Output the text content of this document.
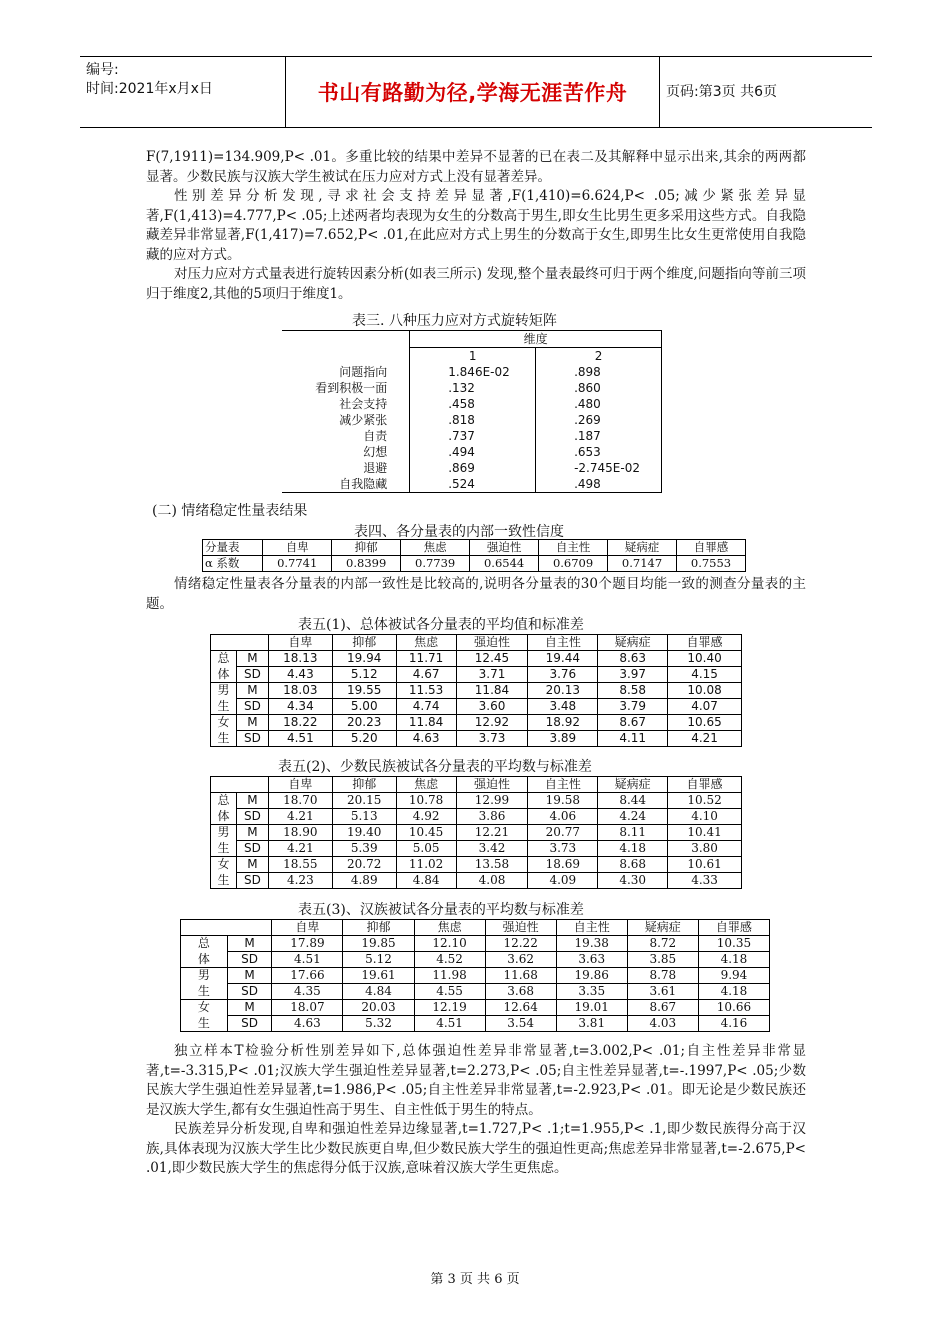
编号:
时间:2021年x月x日	书山有路勤为径,学海无涯苦作舟	页码:第3页 共6页

F(7,1911)=134.909,P< .01。多重比较的结果中差异不显著的已在表二及其解释中显示出来,其余的两两都显著。少数民族与汉族大学生被试在压力应对方式上没有显著差异。

性别差异分析发现,寻求社会支持差异显著,F(1,410)=6.624,P< .05;减少紧张差异显著,F(1,413)=4.777,P< .05;上述两者均表现为女生的分数高于男生,即女生比男生更多采用这些方式。自我隐藏差异非常显著,F(1,417)=7.652,P< .01,在此应对方式上男生的分数高于女生,即男生比女生更常使用自我隐藏的应对方式。

对压力应对方式量表进行旋转因素分析(如表三所示) 发现,整个量表最终可归于两个维度,问题指向等前三项归于维度2,其他的5项归于维度1。

表三. 八种压力应对方式旋转矩阵
	维度	
	1	2
问题指向	1.846E-02	.898
看到积极一面	.132	.860
社会支持	.458	.480
减少紧张	.818	.269
自责	.737	.187
幻想	.494	.653
退避	.869	-2.745E-02
自我隐藏	.524	.498
(二) 情绪稳定性量表结果
表四、各分量表的内部一致性信度
分量表	自卑	抑郁	焦虑	强迫性	自主性	疑病症	自罪感
α 系数	0.7741	0.8399	0.7739	0.6544	0.6709	0.7147	0.7553

情绪稳定性量表各分量表的内部一致性是比较高的,说明各分量表的30个题目均能一致的测查分量表的主题。

表五(1)、总体被试各分量表的平均值和标准差
		自卑	抑郁	焦虑	强迫性	自主性	疑病症	自罪感
总	M	18.13	19.94	11.71	12.45	19.44	8.63	10.40
体	SD	4.43	5.12	4.67	3.71	3.76	3.97	4.15
男	M	18.03	19.55	11.53	11.84	20.13	8.58	10.08
生	SD	4.34	5.00	4.74	3.60	3.48	3.79	4.07
女	M	18.22	20.23	11.84	12.92	18.92	8.67	10.65
生	SD	4.51	5.20	4.63	3.73	3.89	4.11	4.21
表五(2)、少数民族被试各分量表的平均数与标准差
		自卑	抑郁	焦虑	强迫性	自主性	疑病症	自罪感
总	M	18.70	20.15	10.78	12.99	19.58	8.44	10.52
体	SD	4.21	5.13	4.92	3.86	4.06	4.24	4.10
男	M	18.90	19.40	10.45	12.21	20.77	8.11	10.41
生	SD	4.21	5.39	5.05	3.42	3.73	4.18	3.80
女	M	18.55	20.72	11.02	13.58	18.69	8.68	10.61
生	SD	4.23	4.89	4.84	4.08	4.09	4.30	4.33
表五(3)、汉族被试各分量表的平均数与标准差
		自卑	抑郁	焦虑	强迫性	自主性	疑病症	自罪感
总	M	17.89	19.85	12.10	12.22	19.38	8.72	10.35
体	SD	4.51	5.12	4.52	3.62	3.63	3.85	4.18
男	M	17.66	19.61	11.98	11.68	19.86	8.78	9.94
生	SD	4.35	4.84	4.55	3.68	3.35	3.61	4.18
女	M	18.07	20.03	12.19	12.64	19.01	8.67	10.66
生	SD	4.63	5.32	4.51	3.54	3.81	4.03	4.16

独立样本T检验分析性别差异如下,总体强迫性差异非常显著,t=3.002,P< .01;自主性差异非常显著,t=-3.315,P< .01;汉族大学生强迫性差异显著,t=2.273,P< .05;自主性差异显著,t=-.1997,P< .05;少数民族大学生强迫性差异显著,t=1.986,P< .05;自主性差异非常显著,t=-2.923,P< .01。即无论是少数民族还是汉族大学生,都有女生强迫性高于男生、自主性低于男生的特点。

民族差异分析发现,自卑和强迫性差异边缘显著,t=1.727,P< .1;t=1.955,P< .1,即少数民族得分高于汉族,具体表现为汉族大学生比少数民族更自卑,但少数民族大学生的强迫性更高;焦虑差异非常显著,t=-2.675,P< .01,即少数民族大学生的焦虑得分低于汉族,意味着汉族大学生更焦虑。

第 3 页 共 6 页
